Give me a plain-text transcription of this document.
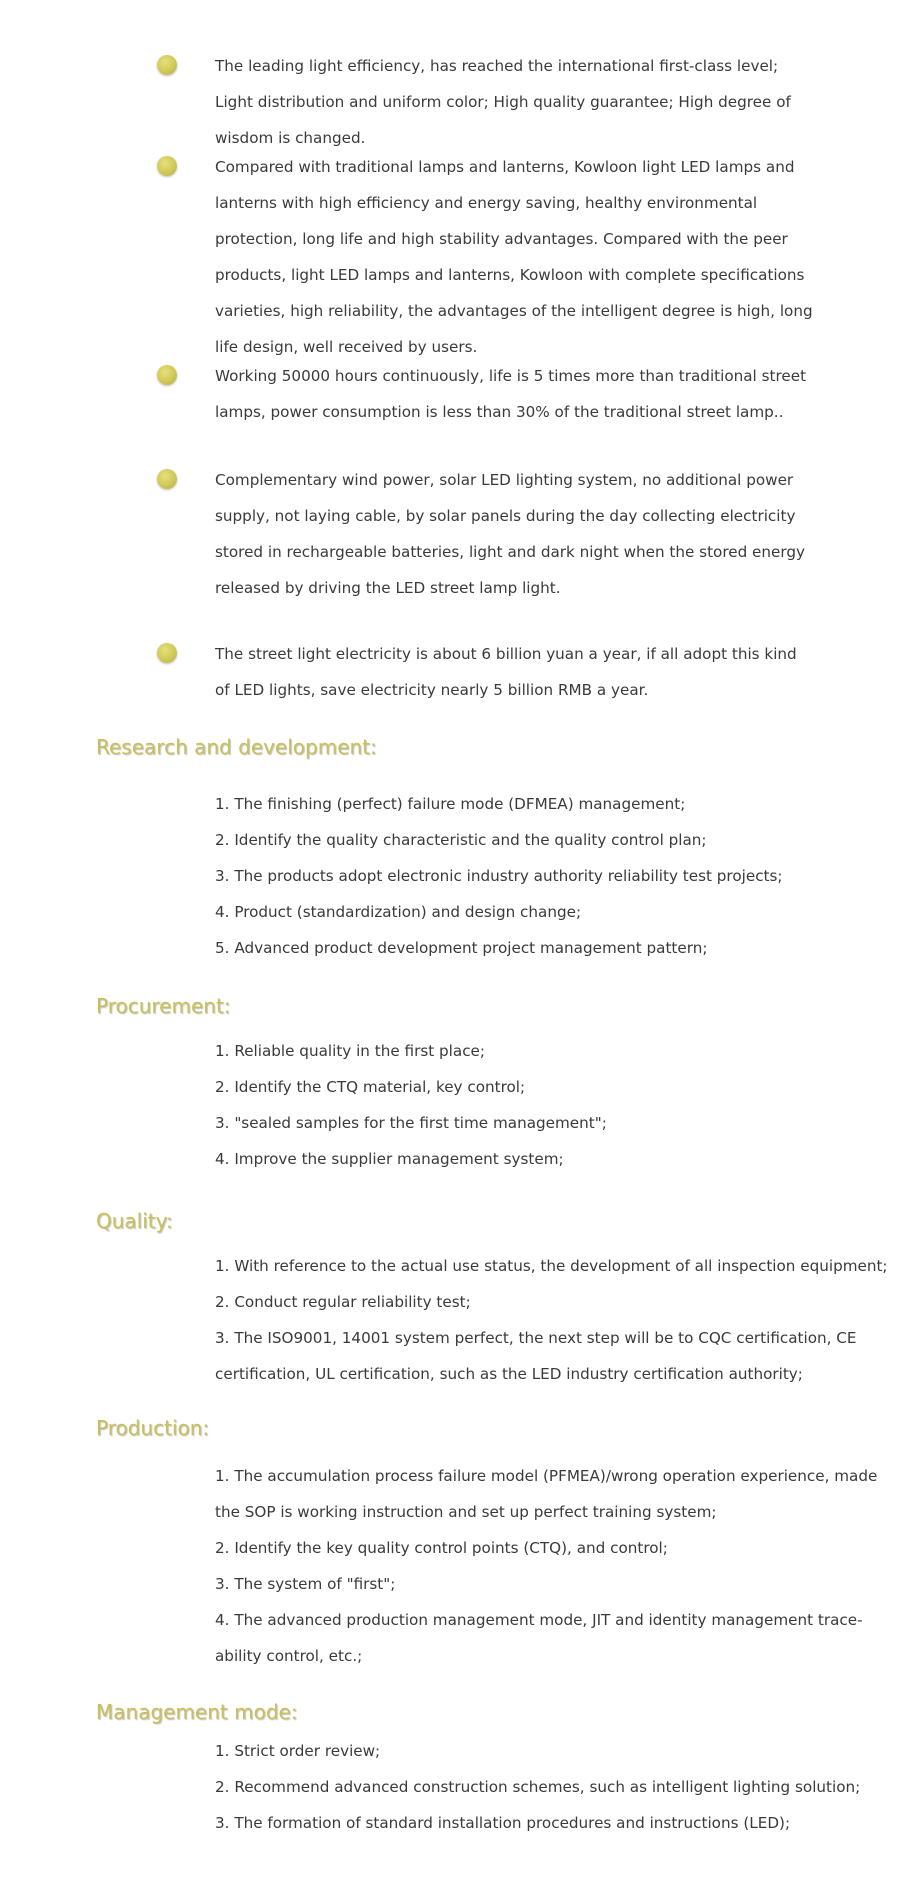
The leading light efficiency, has reached the international first-class level; Light distribution and uniform color; High quality guarantee; High degree of wisdom is changed.
Compared with traditional lamps and lanterns, Kowloon light LED lamps and lanterns with high efficiency and energy saving, healthy environmental protection, long life and high stability advantages. Compared with the peer products, light LED lamps and lanterns, Kowloon with complete specifications varieties, high reliability, the advantages of the intelligent degree is high, long life design, well received by users.
Working 50000 hours continuously, life is 5 times more than traditional street lamps, power consumption is less than 30% of the traditional street lamp..
Complementary wind power, solar LED lighting system, no additional power supply, not laying cable, by solar panels during the day collecting electricity stored in rechargeable batteries, light and dark night when the stored energy released by driving the LED street lamp light.
The street light electricity is about 6 billion yuan a year, if all adopt this kind of LED lights, save electricity nearly 5 billion RMB a year.
Research and development:
1. The finishing (perfect) failure mode (DFMEA) management;
2. Identify the quality characteristic and the quality control plan;
3. The products adopt electronic industry authority reliability test projects;
4. Product (standardization) and design change;
5. Advanced product development project management pattern;
Procurement:
1. Reliable quality in the first place;
2. Identify the CTQ material, key control;
3. "sealed samples for the first time management";
4. Improve the supplier management system;
Quality:
1. With reference to the actual use status, the development of all inspection equipment;
2. Conduct regular reliability test;
3. The ISO9001, 14001 system perfect, the next step will be to CQC certification, CE
certification, UL certification, such as the LED industry certification authority;
Production:
1. The accumulation process failure model (PFMEA)/wrong operation experience, made
the SOP is working instruction and set up perfect training system;
2. Identify the key quality control points (CTQ), and control;
3. The system of "first";
4. The advanced production management mode, JIT and identity management trace-
ability control, etc.;
Management mode:
1. Strict order review;
2. Recommend advanced construction schemes, such as intelligent lighting solution;
3. The formation of standard installation procedures and instructions (LED);
